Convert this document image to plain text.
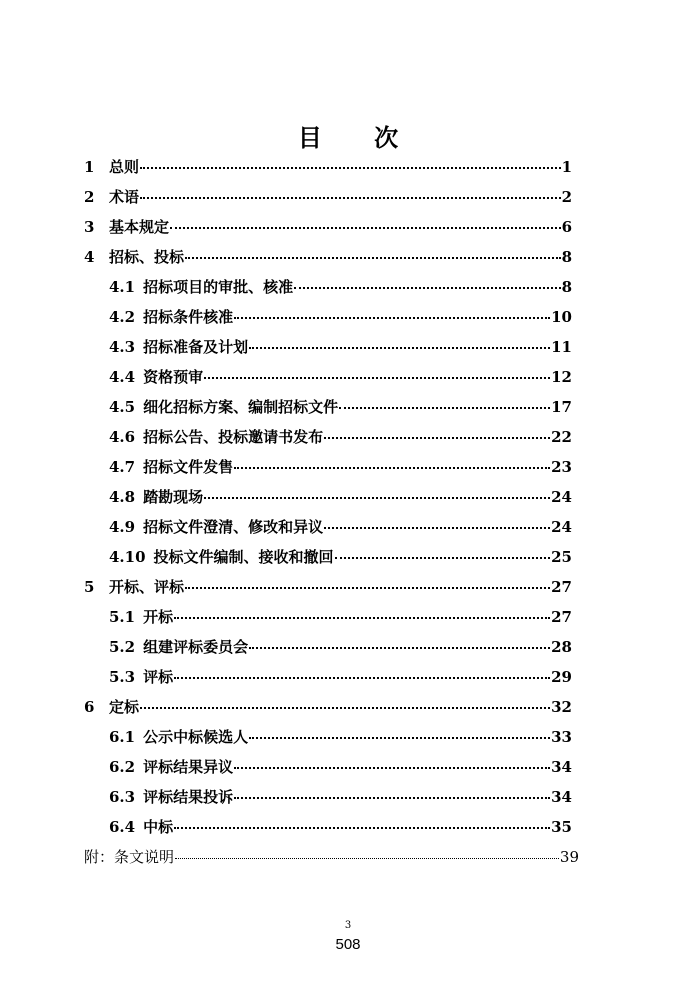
目 次
1 总则	1
2 术语	2
3 基本规定	6
4 招标、投标	8
4.1 招标项目的审批、核准	8
4.2 招标条件核准	10
4.3 招标准备及计划	11
4.4 资格预审	12
4.5 细化招标方案、编制招标文件	17
4.6 招标公告、投标邀请书发布	22
4.7 招标文件发售	23
4.8 踏勘现场	24
4.9 招标文件澄清、修改和异议	24
4.10 投标文件编制、接收和撤回	25
5 开标、评标	27
5.1 开标	27
5.2 组建评标委员会	28
5.3 评标	29
6 定标	32
6.1 公示中标候选人	33
6.2 评标结果异议	34
6.3 评标结果投诉	34
6.4 中标	35
附：条文说明	39
3
508
